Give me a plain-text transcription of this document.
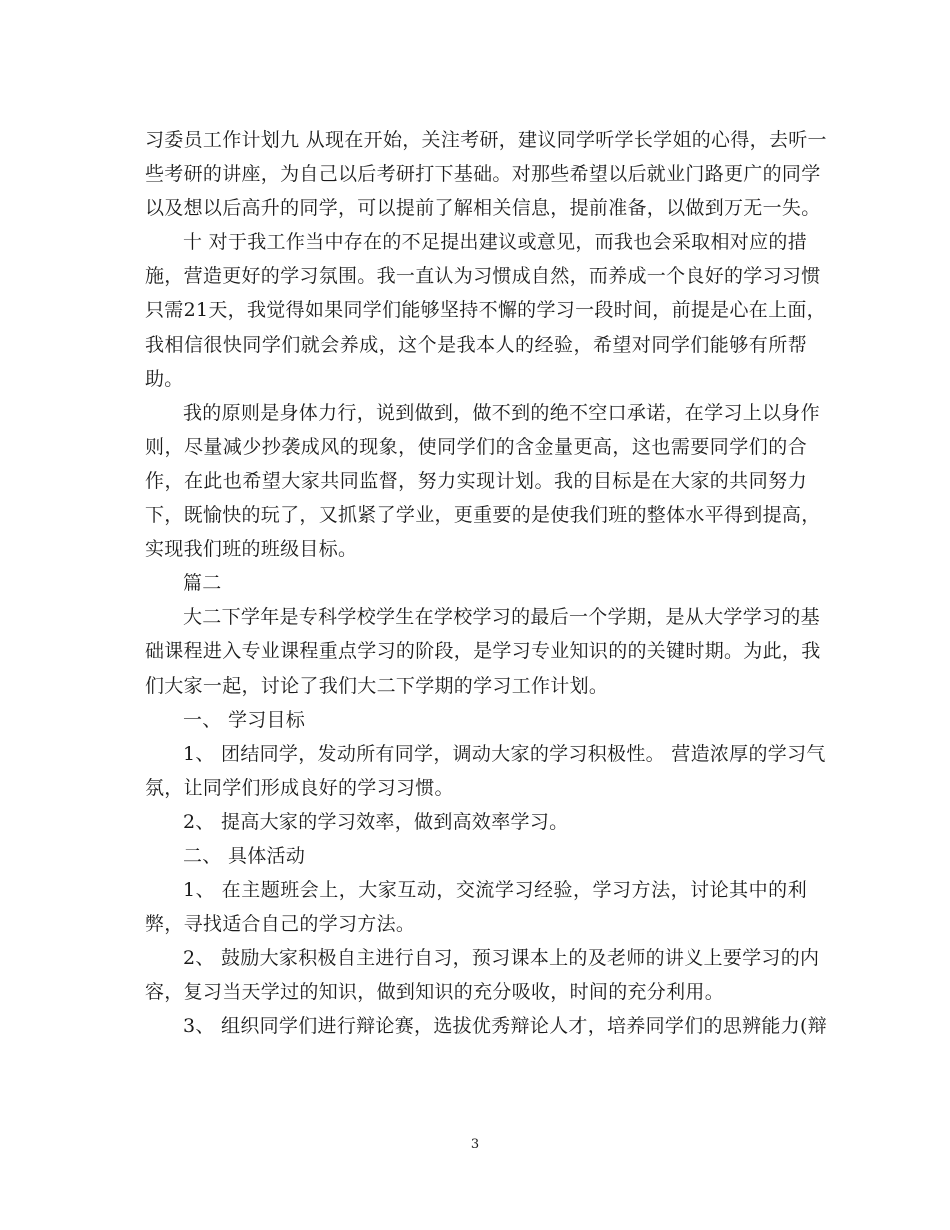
习委员工作计划九 从现在开始，关注考研，建议同学听学长学姐的心得，去听一
些考研的讲座，为自己以后考研打下基础。对那些希望以后就业门路更广的同学
以及想以后高升的同学，可以提前了解相关信息，提前准备，以做到万无一失。
十 对于我工作当中存在的不足提出建议或意见，而我也会采取相对应的措
施，营造更好的学习氛围。我一直认为习惯成自然，而养成一个良好的学习习惯
只需21天，我觉得如果同学们能够坚持不懈的学习一段时间，前提是心在上面，
我相信很快同学们就会养成，这个是我本人的经验，希望对同学们能够有所帮
助。
我的原则是身体力行，说到做到，做不到的绝不空口承诺，在学习上以身作
则，尽量减少抄袭成风的现象，使同学们的含金量更高，这也需要同学们的合
作，在此也希望大家共同监督，努力实现计划。我的目标是在大家的共同努力
下，既愉快的玩了，又抓紧了学业，更重要的是使我们班的整体水平得到提高，
实现我们班的班级目标。
篇二
大二下学年是专科学校学生在学校学习的最后一个学期，是从大学学习的基
础课程进入专业课程重点学习的阶段，是学习专业知识的的关键时期。为此，我
们大家一起，讨论了我们大二下学期的学习工作计划。
一、 学习目标
1、 团结同学，发动所有同学，调动大家的学习积极性。 营造浓厚的学习气
氛，让同学们形成良好的学习习惯。
2、 提高大家的学习效率，做到高效率学习。
二、 具体活动
1、 在主题班会上，大家互动，交流学习经验，学习方法，讨论其中的利
弊，寻找适合自己的学习方法。
2、 鼓励大家积极自主进行自习，预习课本上的及老师的讲义上要学习的内
容，复习当天学过的知识，做到知识的充分吸收，时间的充分利用。
3、 组织同学们进行辩论赛，选拔优秀辩论人才，培养同学们的思辨能力(辩
3
